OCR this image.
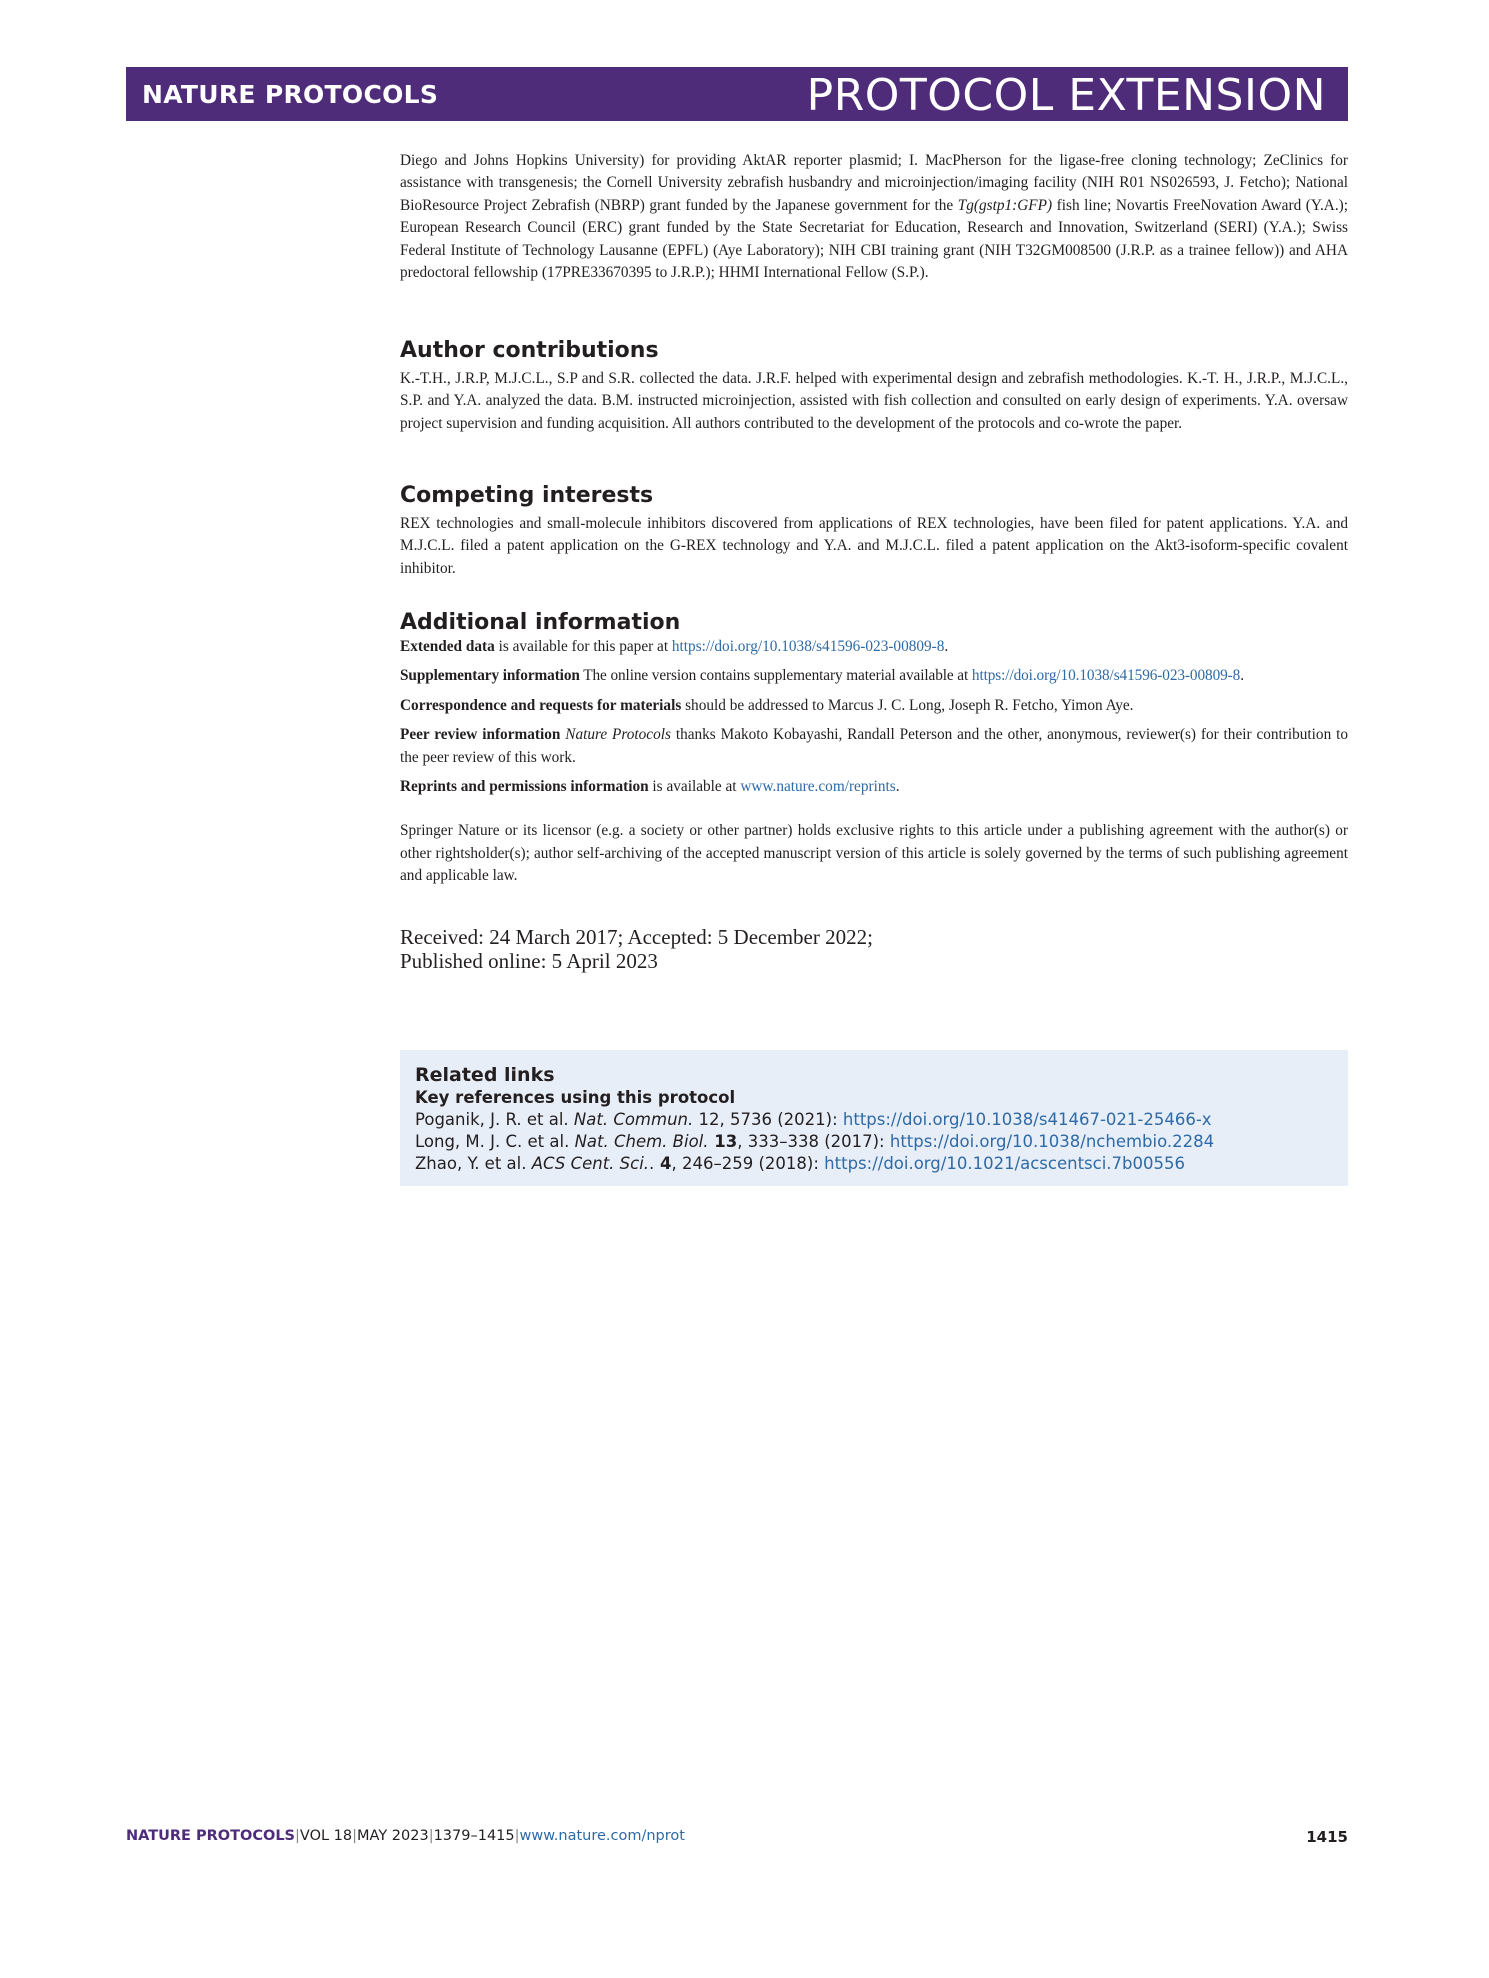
NATURE PROTOCOLS	PROTOCOL EXTENSION

Diego and Johns Hopkins University) for providing AktAR reporter plasmid; I. MacPherson for the ligase-free cloning technology; ZeClinics for assistance with transgenesis; the Cornell University zebrafish husbandry and microinjection/imaging facility (NIH R01 NS026593, J. Fetcho); National BioResource Project Zebrafish (NBRP) grant funded by the Japanese government for the Tg(gstp1:GFP) fish line; Novartis FreeNovation Award (Y.A.); European Research Council (ERC) grant funded by the State Secretariat for Education, Research and Innovation, Switzerland (SERI) (Y.A.); Swiss Federal Institute of Technology Lausanne (EPFL) (Aye Laboratory); NIH CBI training grant (NIH T32GM008500 (J.R.P. as a trainee fellow)) and AHA predoctoral fellowship (17PRE33670395 to J.R.P.); HHMI International Fellow (S.P.).

Author contributions

K.-T.H., J.R.P, M.J.C.L., S.P and S.R. collected the data. J.R.F. helped with experimental design and zebrafish methodologies. K.-T. H., J.R.P., M.J.C.L., S.P. and Y.A. analyzed the data. B.M. instructed microinjection, assisted with fish collection and consulted on early design of experiments. Y.A. oversaw project supervision and funding acquisition. All authors contributed to the development of the protocols and co-wrote the paper.

Competing interests

REX technologies and small-molecule inhibitors discovered from applications of REX technologies, have been filed for patent applications. Y.A. and M.J.C.L. filed a patent application on the G-REX technology and Y.A. and M.J.C.L. filed a patent application on the Akt3-isoform-specific covalent inhibitor.

Additional information

Extended data is available for this paper at https://doi.org/10.1038/s41596-023-00809-8.

Supplementary information The online version contains supplementary material available at https://doi.org/10.1038/s41596-023-00809-8.

Correspondence and requests for materials should be addressed to Marcus J. C. Long, Joseph R. Fetcho, Yimon Aye.

Peer review information Nature Protocols thanks Makoto Kobayashi, Randall Peterson and the other, anonymous, reviewer(s) for their contribution to the peer review of this work.

Reprints and permissions information is available at www.nature.com/reprints.

Springer Nature or its licensor (e.g. a society or other partner) holds exclusive rights to this article under a publishing agreement with the author(s) or other rightsholder(s); author self-archiving of the accepted manuscript version of this article is solely governed by the terms of such publishing agreement and applicable law.

Received: 24 March 2017; Accepted: 5 December 2022;

Published online: 5 April 2023

Related links

Key references using this protocol

Poganik, J. R. et al. Nat. Commun. 12, 5736 (2021): https://doi.org/10.1038/s41467-021-25466-x

Long, M. J. C. et al. Nat. Chem. Biol. 13, 333–338 (2017): https://doi.org/10.1038/nchembio.2284

Zhao, Y. et al. ACS Cent. Sci.. 4, 246–259 (2018): https://doi.org/10.1021/acscentsci.7b00556

NATURE PROTOCOLS|VOL 18|MAY 2023|1379–1415|www.nature.com/nprot	1415
